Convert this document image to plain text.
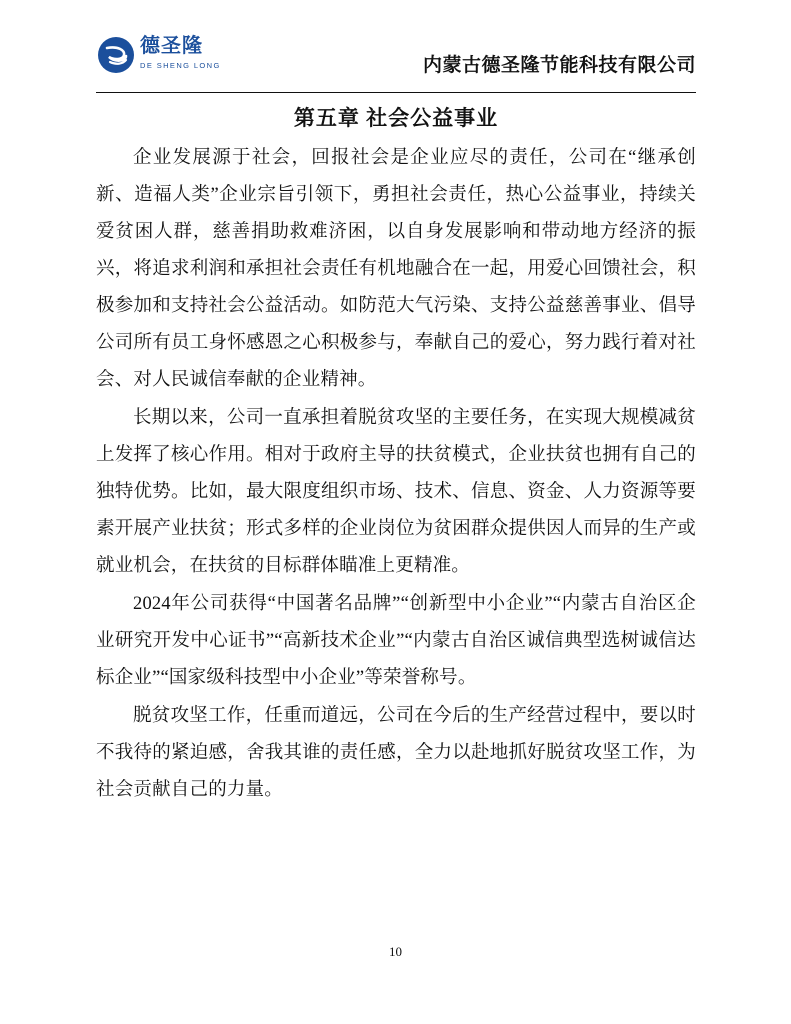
德圣隆
DE SHENG LONG	内蒙古德圣隆节能科技有限公司
第五章 社会公益事业

企业发展源于社会，回报社会是企业应尽的责任，公司在“继承创新、造福人类”企业宗旨引领下，勇担社会责任，热心公益事业，持续关爱贫困人群，慈善捐助救难济困，以自身发展影响和带动地方经济的振兴，将追求利润和承担社会责任有机地融合在一起，用爱心回馈社会，积极参加和支持社会公益活动。如防范大气污染、支持公益慈善事业、倡导公司所有员工身怀感恩之心积极参与，奉献自己的爱心，努力践行着对社会、对人民诚信奉献的企业精神。

长期以来，公司一直承担着脱贫攻坚的主要任务，在实现大规模减贫上发挥了核心作用。相对于政府主导的扶贫模式，企业扶贫也拥有自己的独特优势。比如，最大限度组织市场、技术、信息、资金、人力资源等要素开展产业扶贫；形式多样的企业岗位为贫困群众提供因人而异的生产或就业机会，在扶贫的目标群体瞄准上更精准。

2024年公司获得“中国著名品牌”“创新型中小企业”“内蒙古自治区企业研究开发中心证书”“高新技术企业”“内蒙古自治区诚信典型选树诚信达标企业”“国家级科技型中小企业”等荣誉称号。

脱贫攻坚工作，任重而道远，公司在今后的生产经营过程中，要以时不我待的紧迫感，舍我其谁的责任感，全力以赴地抓好脱贫攻坚工作，为社会贡献自己的力量。

10
